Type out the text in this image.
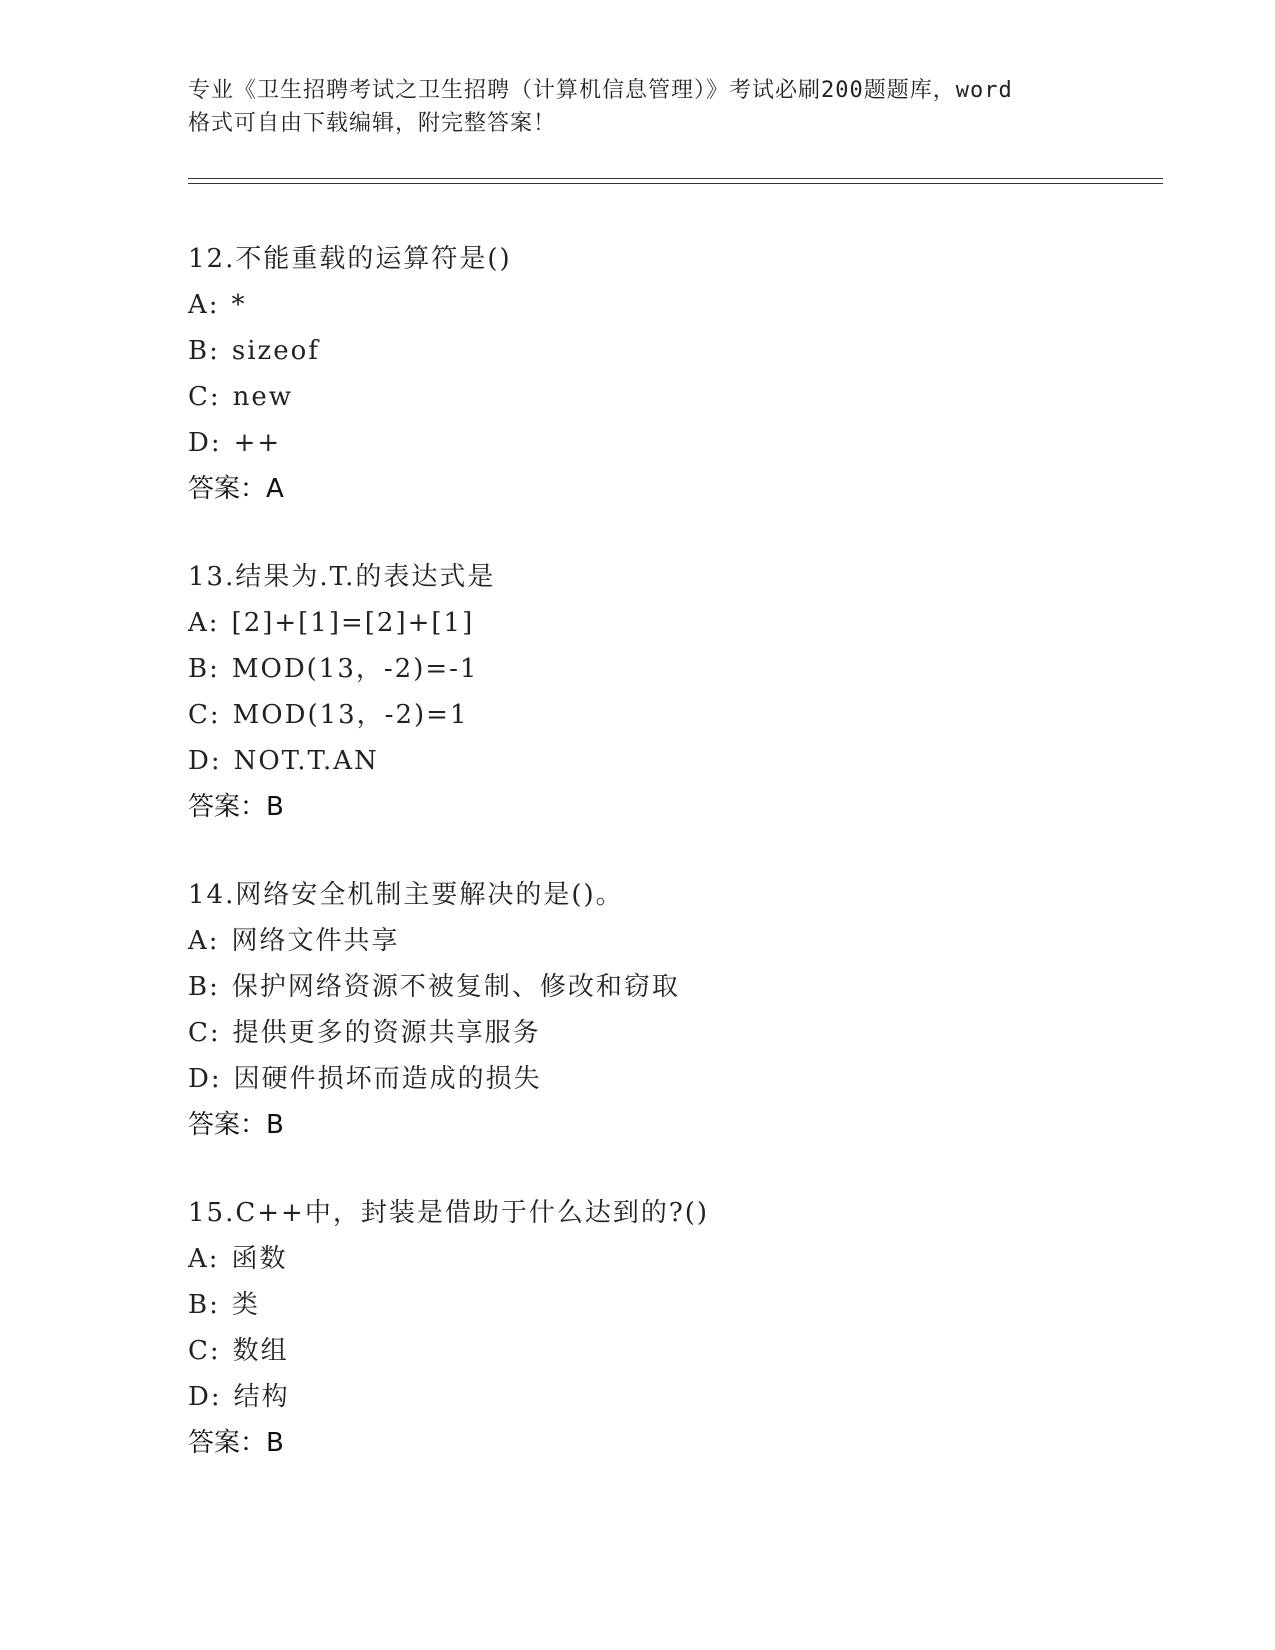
专业《卫生招聘考试之卫生招聘（计算机信息管理）》考试必刷200题题库，word
格式可自由下载编辑，附完整答案！
12.不能重载的运算符是()
A: *
B: sizeof
C: new
D: ++
答案：A
13.结果为.T.的表达式是
A: [2]+[1]=[2]+[1]
B: MOD(13，-2)=-1
C: MOD(13，-2)=1
D: NOT.T.AN
答案：B
14.网络安全机制主要解决的是()。
A: 网络文件共享
B: 保护网络资源不被复制、修改和窃取
C: 提供更多的资源共享服务
D: 因硬件损坏而造成的损失
答案：B
15.C++中，封装是借助于什么达到的?()
A: 函数
B: 类
C: 数组
D: 结构
答案：B
